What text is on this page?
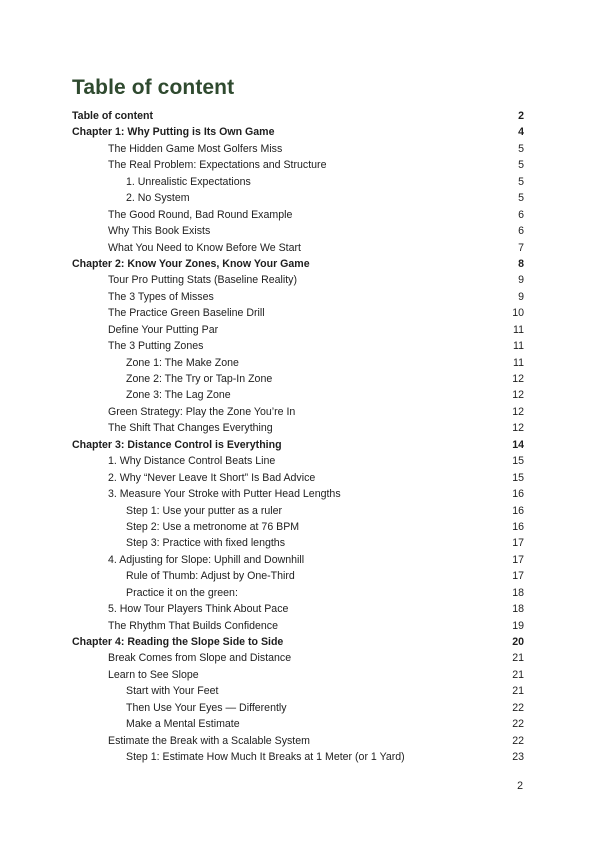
Table of content
Table of content	2
Chapter 1: Why Putting is Its Own Game	4
The Hidden Game Most Golfers Miss	5
The Real Problem: Expectations and Structure	5
1. Unrealistic Expectations	5
2. No System	5
The Good Round, Bad Round Example	6
Why This Book Exists	6
What You Need to Know Before We Start	7
Chapter 2: Know Your Zones, Know Your Game	8
Tour Pro Putting Stats (Baseline Reality)	9
The 3 Types of Misses	9
The Practice Green Baseline Drill	10
Define Your Putting Par	11
The 3 Putting Zones	11
Zone 1: The Make Zone	11
Zone 2: The Try or Tap-In Zone	12
Zone 3: The Lag Zone	12
Green Strategy: Play the Zone You’re In	12
The Shift That Changes Everything	12
Chapter 3: Distance Control is Everything	14
1. Why Distance Control Beats Line	15
2. Why “Never Leave It Short” Is Bad Advice	15
3. Measure Your Stroke with Putter Head Lengths	16
Step 1: Use your putter as a ruler	16
Step 2: Use a metronome at 76 BPM	16
Step 3: Practice with fixed lengths	17
4. Adjusting for Slope: Uphill and Downhill	17
Rule of Thumb: Adjust by One-Third	17
Practice it on the green:	18
5. How Tour Players Think About Pace	18
The Rhythm That Builds Confidence	19
Chapter 4: Reading the Slope Side to Side	20
Break Comes from Slope and Distance	21
Learn to See Slope	21
Start with Your Feet	21
Then Use Your Eyes — Differently	22
Make a Mental Estimate	22
Estimate the Break with a Scalable System	22
Step 1: Estimate How Much It Breaks at 1 Meter (or 1 Yard)	23
2
